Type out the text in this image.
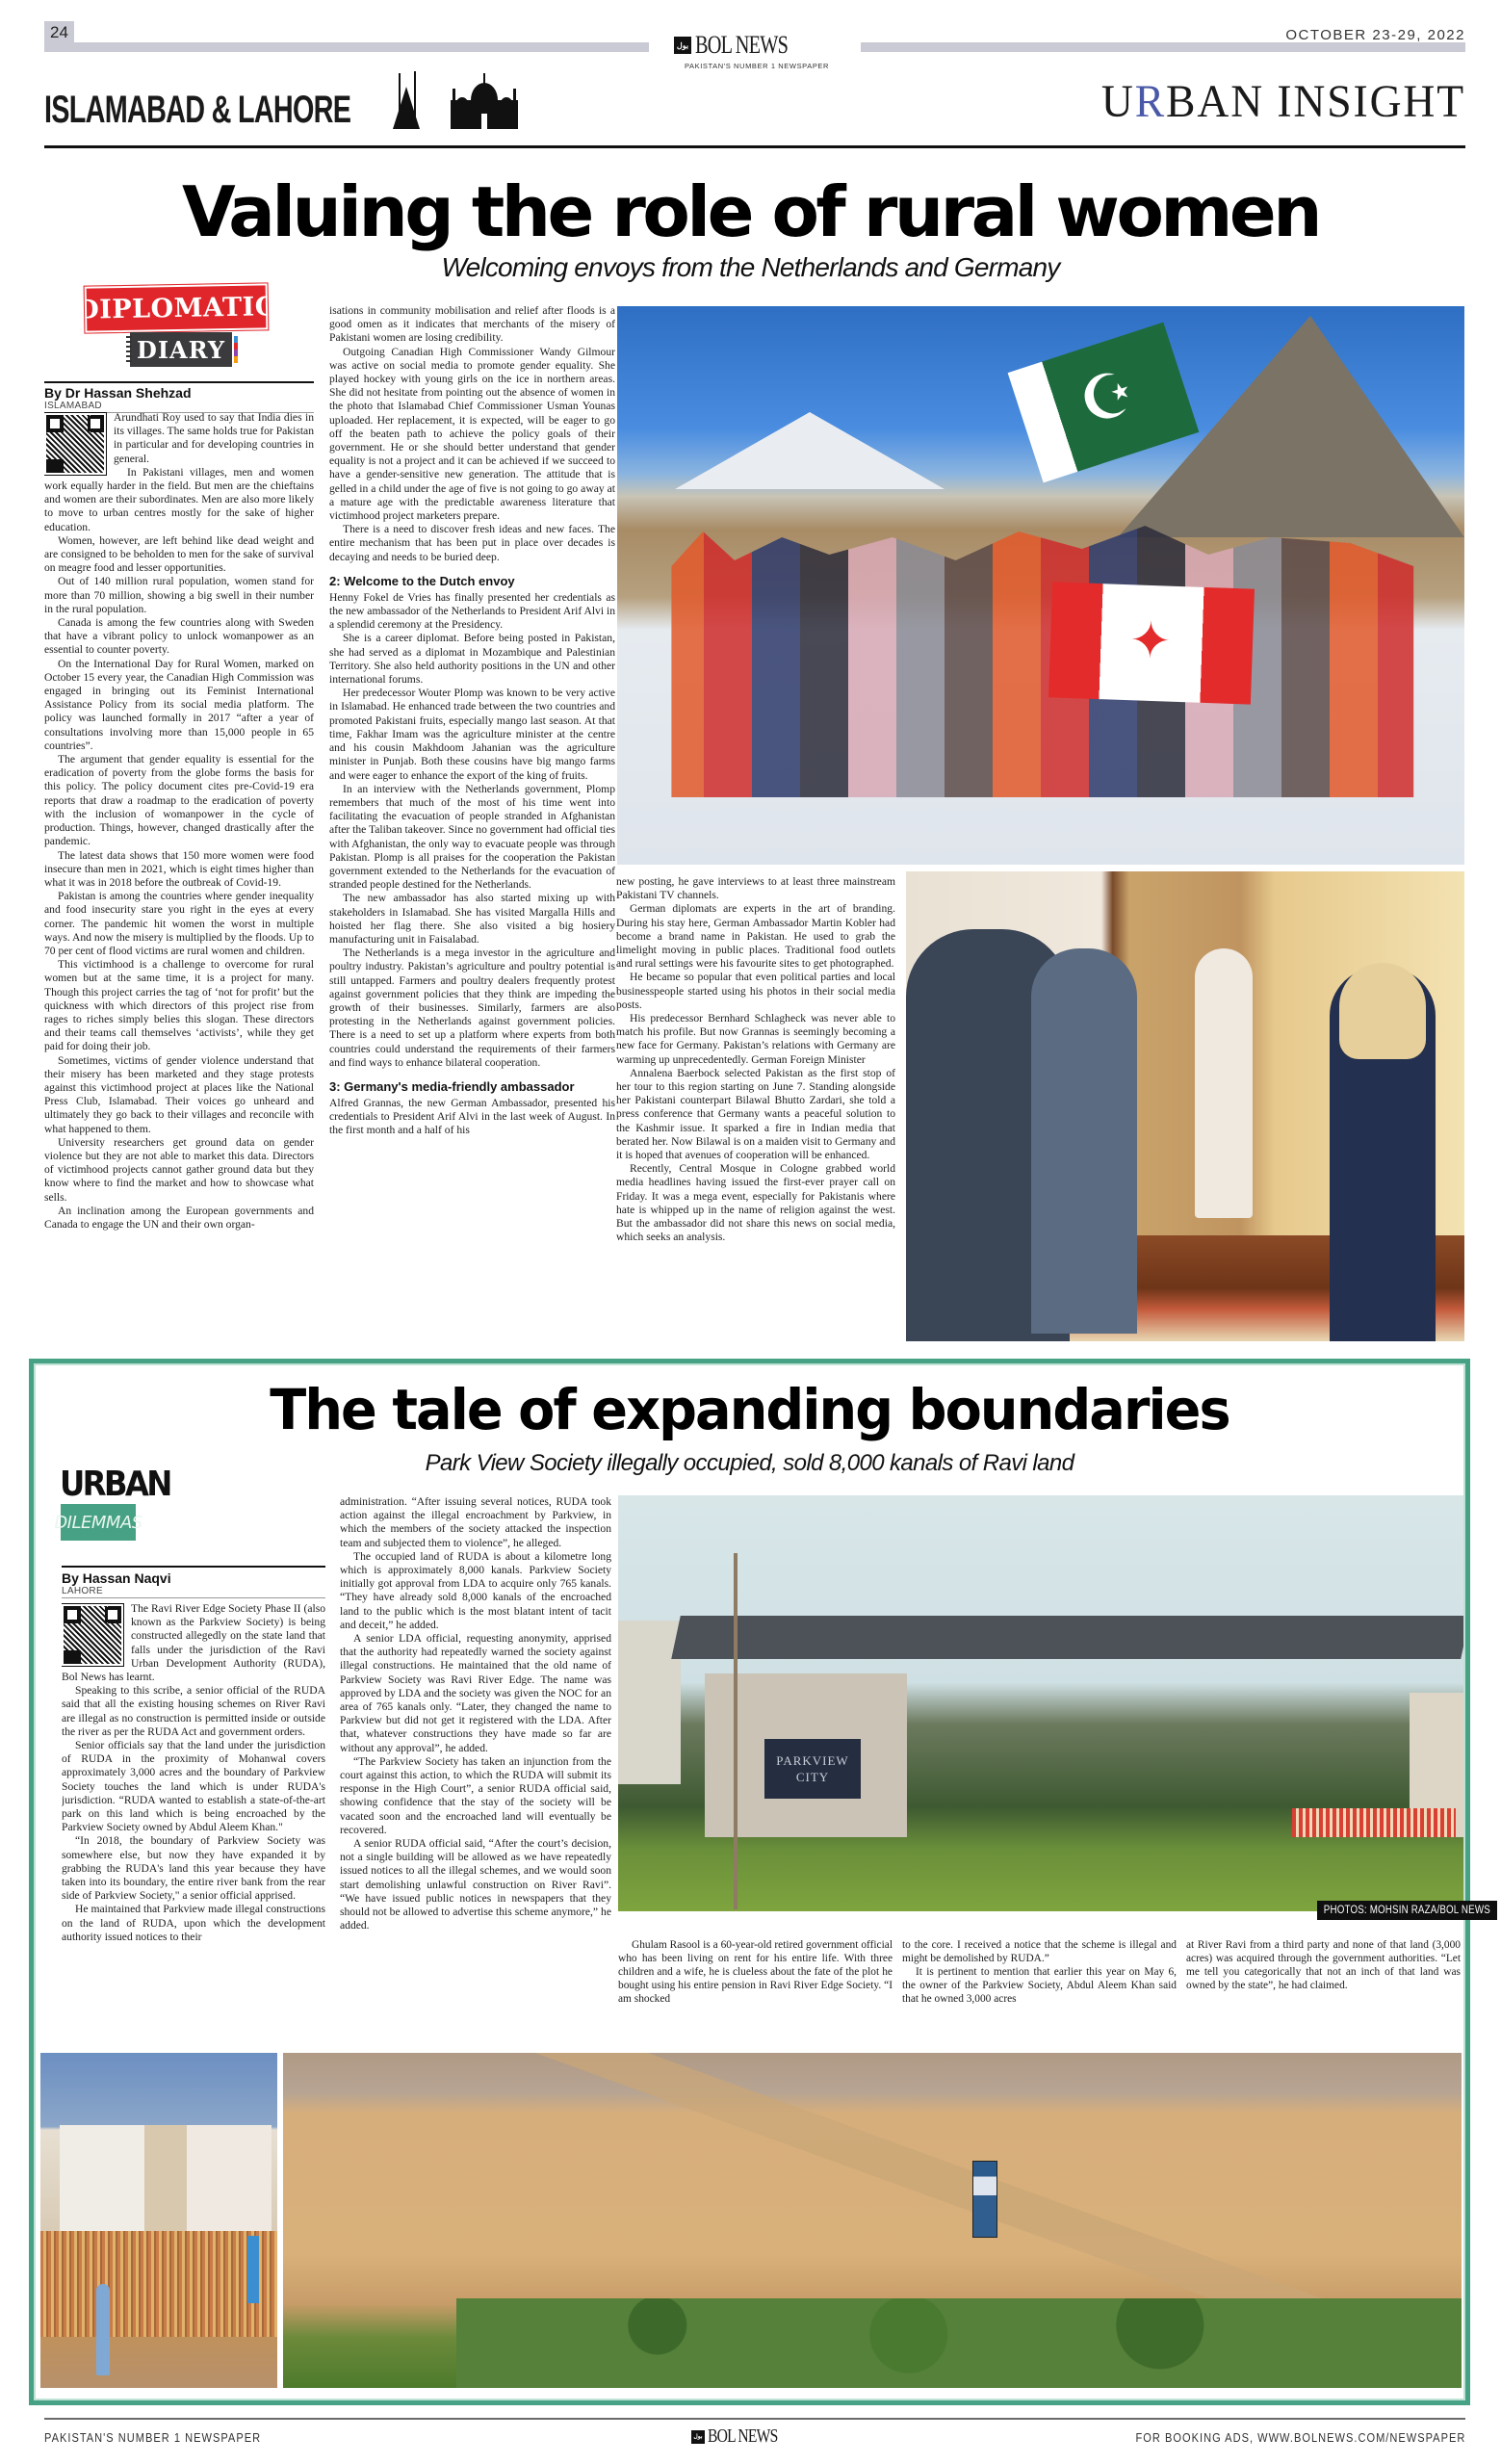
24	OCTOBER 23-29, 2022
بول BOL NEWS
PAKISTAN'S NUMBER 1 NEWSPAPER
ISLAMABAD & LAHORE	URBAN INSIGHT
Valuing the role of rural women
Welcoming envoys from the Netherlands and Germany
DIPLOMATIC
DIARY
By Dr Hassan Shehzad
ISLAMABAD

Arundhati Roy used to say that India dies in its villages. The same holds true for Pakistan in particular and for developing countries in general.

In Pakistani villages, men and women work equally harder in the field. But men are the chieftains and women are their subordinates. Men are also more likely to move to urban centres mostly for the sake of higher education.

Women, however, are left behind like dead weight and are consigned to be beholden to men for the sake of survival on meagre food and lesser opportunities.

Out of 140 million rural population, women stand for more than 70 million, showing a big swell in their number in the rural population.

Canada is among the few countries along with Sweden that have a vibrant policy to unlock womanpower as an essential to counter poverty.

On the International Day for Rural Women, marked on October 15 every year, the Canadian High Commission was engaged in bringing out its Feminist International Assistance Policy from its social media platform. The policy was launched formally in 2017 “after a year of consultations involving more than 15,000 people in 65 countries”.

The argument that gender equality is essential for the eradication of poverty from the globe forms the basis for this policy. The policy document cites pre-Covid-19 era reports that draw a roadmap to the eradication of poverty with the inclusion of womanpower in the cycle of production. Things, however, changed drastically after the pandemic.

The latest data shows that 150 more women were food insecure than men in 2021, which is eight times higher than what it was in 2018 before the outbreak of Covid-19.

Pakistan is among the countries where gender inequality and food insecurity stare you right in the eyes at every corner. The pandemic hit women the worst in multiple ways. And now the misery is multiplied by the floods. Up to 70 per cent of flood victims are rural women and children.

This victimhood is a challenge to overcome for rural women but at the same time, it is a project for many. Though this project carries the tag of ‘not for profit’ but the quickness with which directors of this project rise from rages to riches simply belies this slogan. These directors and their teams call themselves ‘activists’, while they get paid for doing their job.

Sometimes, victims of gender violence understand that their misery has been marketed and they stage protests against this victimhood project at places like the National Press Club, Islamabad. Their voices go unheard and ultimately they go back to their villages and reconcile with what happened to them.

University researchers get ground data on gender violence but they are not able to market this data. Directors of victimhood projects cannot gather ground data but they know where to find the market and how to showcase what sells.

An inclination among the European governments and Canada to engage the UN and their own organ-

isations in community mobilisation and relief after floods is a good omen as it indicates that merchants of the misery of Pakistani women are losing credibility.

Outgoing Canadian High Commissioner Wandy Gilmour was active on social media to promote gender equality. She played hockey with young girls on the ice in northern areas. She did not hesitate from pointing out the absence of women in the photo that Islamabad Chief Commissioner Usman Younas uploaded. Her replacement, it is expected, will be eager to go off the beaten path to achieve the policy goals of their government. He or she should better understand that gender equality is not a project and it can be achieved if we succeed to have a gender-sensitive new generation. The attitude that is gelled in a child under the age of five is not going to go away at a mature age with the predictable awareness literature that victimhood project marketers prepare.

There is a need to discover fresh ideas and new faces. The entire mechanism that has been put in place over decades is decaying and needs to be buried deep.

2: Welcome to the Dutch envoy

Henny Fokel de Vries has finally presented her credentials as the new ambassador of the Netherlands to President Arif Alvi in a splendid ceremony at the Presidency.

She is a career diplomat. Before being posted in Pakistan, she had served as a diplomat in Mozambique and Palestinian Territory. She also held authority positions in the UN and other international forums.

Her predecessor Wouter Plomp was known to be very active in Islamabad. He enhanced trade between the two countries and promoted Pakistani fruits, especially mango last season. At that time, Fakhar Imam was the agriculture minister at the centre and his cousin Makhdoom Jahanian was the agriculture minister in Punjab. Both these cousins have big mango farms and were eager to enhance the export of the king of fruits.

In an interview with the Netherlands government, Plomp remembers that much of the most of his time went into facilitating the evacuation of people stranded in Afghanistan after the Taliban takeover. Since no government had official ties with Afghanistan, the only way to evacuate people was through Pakistan. Plomp is all praises for the cooperation the Pakistan government extended to the Netherlands for the evacuation of stranded people destined for the Netherlands.

The new ambassador has also started mixing up with stakeholders in Islamabad. She has visited Margalla Hills and hoisted her flag there. She also visited a big hosiery manufacturing unit in Faisalabad.

The Netherlands is a mega investor in the agriculture and poultry industry. Pakistan’s agriculture and poultry potential is still untapped. Farmers and poultry dealers frequently protest against government policies that they think are impeding the growth of their businesses. Similarly, farmers are also protesting in the Netherlands against government policies. There is a need to set up a platform where experts from both countries could understand the requirements of their farmers and find ways to enhance bilateral cooperation.

3: Germany's media-friendly ambassador

Alfred Grannas, the new German Ambassador, presented his credentials to President Arif Alvi in the last week of August. In the first month and a half of his

☪
✦

new posting, he gave interviews to at least three mainstream Pakistani TV channels.

German diplomats are experts in the art of branding. During his stay here, German Ambassador Martin Kobler had become a brand name in Pakistan. He used to grab the limelight moving in public places. Traditional food outlets and rural settings were his favourite sites to get photographed.

He became so popular that even political parties and local businesspeople started using his photos in their social media posts.

His predecessor Bernhard Schlagheck was never able to match his profile. But now Grannas is seemingly becoming a new face for Germany. Pakistan’s relations with Germany are warming up unprecedentedly. German Foreign Minister

Annalena Baerbock selected Pakistan as the first stop of her tour to this region starting on June 7. Standing alongside her Pakistani counterpart Bilawal Bhutto Zardari, she told a press conference that Germany wants a peaceful solution to the Kashmir issue. It sparked a fire in Indian media that berated her. Now Bilawal is on a maiden visit to Germany and it is hoped that avenues of cooperation will be enhanced.

Recently, Central Mosque in Cologne grabbed world media headlines having issued the first-ever prayer call on Friday. It was a mega event, especially for Pakistanis where hate is whipped up in the name of religion against the west. But the ambassador did not share this news on social media, which seeks an analysis.

The tale of expanding boundaries
Park View Society illegally occupied, sold 8,000 kanals of Ravi land
URBAN
DILEMMAS
By Hassan Naqvi
LAHORE

The Ravi River Edge Society Phase II (also known as the Parkview Society) is being constructed allegedly on the state land that falls under the jurisdiction of the Ravi Urban Development Authority (RUDA), Bol News has learnt.

Speaking to this scribe, a senior official of the RUDA said that all the existing housing schemes on River Ravi are illegal as no construction is permitted inside or outside the river as per the RUDA Act and government orders.

Senior officials say that the land under the jurisdiction of RUDA in the proximity of Mohanwal covers approximately 3,000 acres and the boundary of Parkview Society touches the land which is under RUDA's jurisdiction. “RUDA wanted to establish a state-of-the-art park on this land which is being encroached by the Parkview Society owned by Abdul Aleem Khan."

“In 2018, the boundary of Parkview Society was somewhere else, but now they have expanded it by grabbing the RUDA's land this year because they have taken into its boundary, the entire river bank from the rear side of Parkview Society," a senior official apprised.

He maintained that Parkview made illegal constructions on the land of RUDA, upon which the development authority issued notices to their

administration. “After issuing several notices, RUDA took action against the illegal encroachment by Parkview, in which the members of the society attacked the inspection team and subjected them to violence”, he alleged.

The occupied land of RUDA is about a kilometre long which is approximately 8,000 kanals. Parkview Society initially got approval from LDA to acquire only 765 kanals. “They have already sold 8,000 kanals of the encroached land to the public which is the most blatant intent of tacit and deceit,” he added.

A senior LDA official, requesting anonymity, apprised that the authority had repeatedly warned the society against illegal constructions. He maintained that the old name of Parkview Society was Ravi River Edge. The name was approved by LDA and the society was given the NOC for an area of 765 kanals only. “Later, they changed the name to Parkview but did not get it registered with the LDA. After that, whatever constructions they have made so far are without any approval”, he added.

“The Parkview Society has taken an injunction from the court against this action, to which the RUDA will submit its response in the High Court”, a senior RUDA official said, showing confidence that the stay of the society will be vacated soon and the encroached land will eventually be recovered.

A senior RUDA official said, “After the court’s decision, not a single building will be allowed as we have repeatedly issued notices to all the illegal schemes, and we would soon start demolishing unlawful construction on River Ravi”. “We have issued public notices in newspapers that they should not be allowed to advertise this scheme anymore,” he added.

PARKVIEW
CITY
PHOTOS: MOHSIN RAZA/BOL NEWS

Ghulam Rasool is a 60-year-old retired government official who has been living on rent for his entire life. With three children and a wife, he is clueless about the fate of the plot he bought using his entire pension in Ravi River Edge Society. “I am shocked

to the core. I received a notice that the scheme is illegal and might be demolished by RUDA.”

It is pertinent to mention that earlier this year on May 6, the owner of the Parkview Society, Abdul Aleem Khan said that he owned 3,000 acres

at River Ravi from a third party and none of that land (3,000 acres) was acquired through the government authorities. “Let me tell you categorically that not an inch of that land was owned by the state”, he had claimed.

PAKISTAN'S NUMBER 1 NEWSPAPER	بول BOL NEWS	FOR BOOKING ADS, WWW.BOLNEWS.COM/NEWSPAPER
